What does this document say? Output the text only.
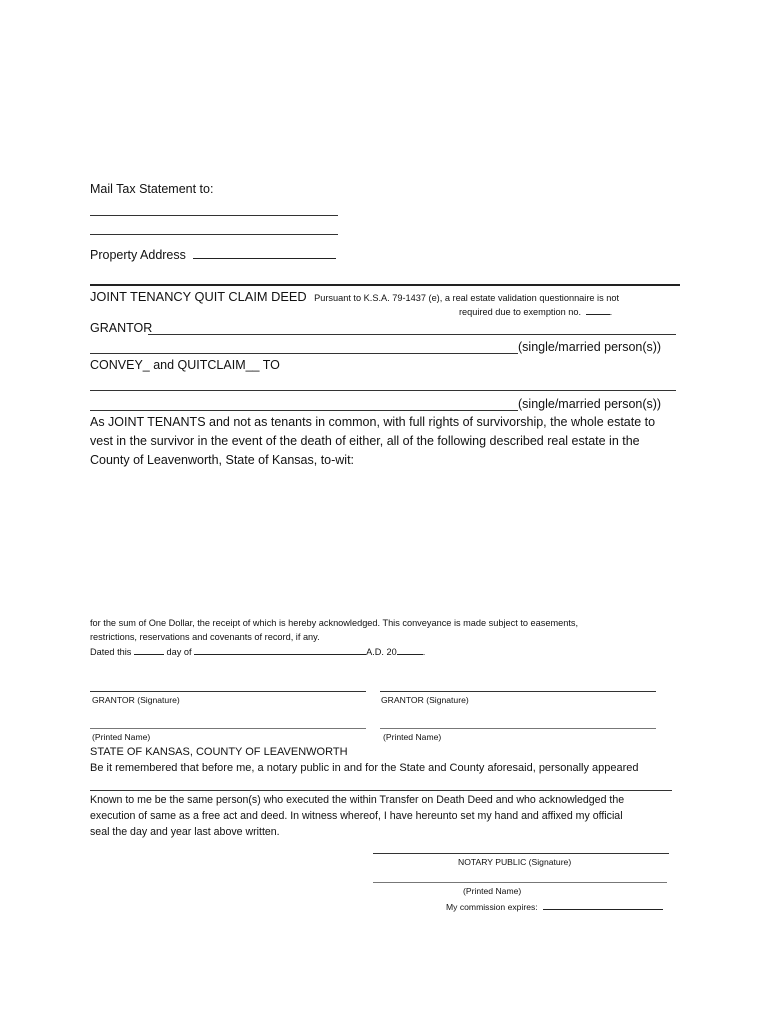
Mail Tax Statement to:
Property Address
JOINT TENANCY QUIT CLAIM DEED Pursuant to K.S.A. 79-1437 (e), a real estate validation questionnaire is not
required due to exemption no.	.
GRANTOR
(single/married person(s))
CONVEY_ and QUITCLAIM__ TO
(single/married person(s))
As JOINT TENANTS and not as tenants in common, with full rights of survivorship, the whole estate to
vest in the survivor in the event of the death of either, all of the following described real estate in the
County of Leavenworth, State of Kansas, to-wit:
for the sum of One Dollar, the receipt of which is hereby acknowledged. This conveyance is made subject to easements,
restrictions, reservations and covenants of record, if any.
Dated this	day of	A.D. 20	.
GRANTOR (Signature)	GRANTOR (Signature)
(Printed Name)	(Printed Name)
STATE OF KANSAS, COUNTY OF LEAVENWORTH
Be it remembered that before me, a notary public in and for the State and County aforesaid, personally appeared
Known to me be the same person(s) who executed the within Transfer on Death Deed and who acknowledged the
execution of same as a free act and deed. In witness whereof, I have hereunto set my hand and affixed my official
seal the day and year last above written.
NOTARY PUBLIC (Signature)
(Printed Name)
My commission expires:
